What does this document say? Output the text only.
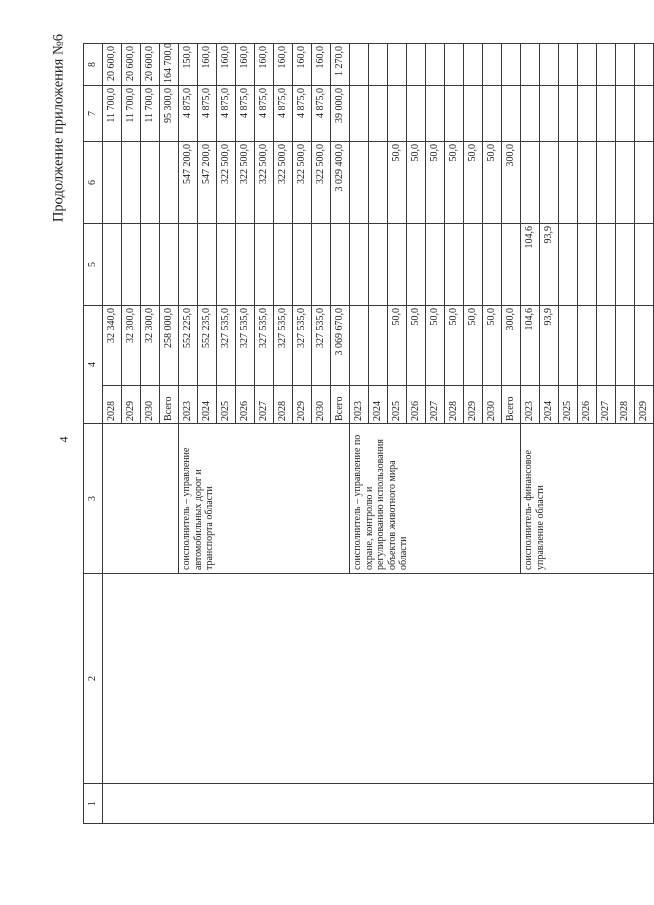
4
Продолжение приложения №6
1	2	3	4		5	6	7	8
			2028	32 340,0			11 700,0	20 600,0
			2029	32 300,0			11 700,0	20 600,0
			2030	32 300,0			11 700,0	20 600,0
			Всего	258 000,0			95 300,0	164 700,0
		соисполнитель – управление автомобильных дорог и транспорта области	2023	552 225,0		547 200,0	4 875,0	150,0
			2024	552 235,0		547 200,0	4 875,0	160,0
			2025	327 535,0		322 500,0	4 875,0	160,0
			2026	327 535,0		322 500,0	4 875,0	160,0
			2027	327 535,0		322 500,0	4 875,0	160,0
			2028	327 535,0		322 500,0	4 875,0	160,0
			2029	327 535,0		322 500,0	4 875,0	160,0
			2030	327 535,0		322 500,0	4 875,0	160,0
			Всего	3 069 670,0		3 029 400,0	39 000,0	1 270,0
		соисполнитель – управление по охране, контролю и регулированию использования объектов животного мира области	2023					
			2024					
			2025	50,0		50,0		
			2026	50,0		50,0		
			2027	50,0		50,0		
			2028	50,0		50,0		
			2029	50,0		50,0		
			2030	50,0		50,0		
			Всего	300,0		300,0		
		соисполнитель- финансовое управление области	2023	104,6	104,6			
			2024	93,9	93,9			
			2025					
			2026					
			2027					
			2028					
			2029					
